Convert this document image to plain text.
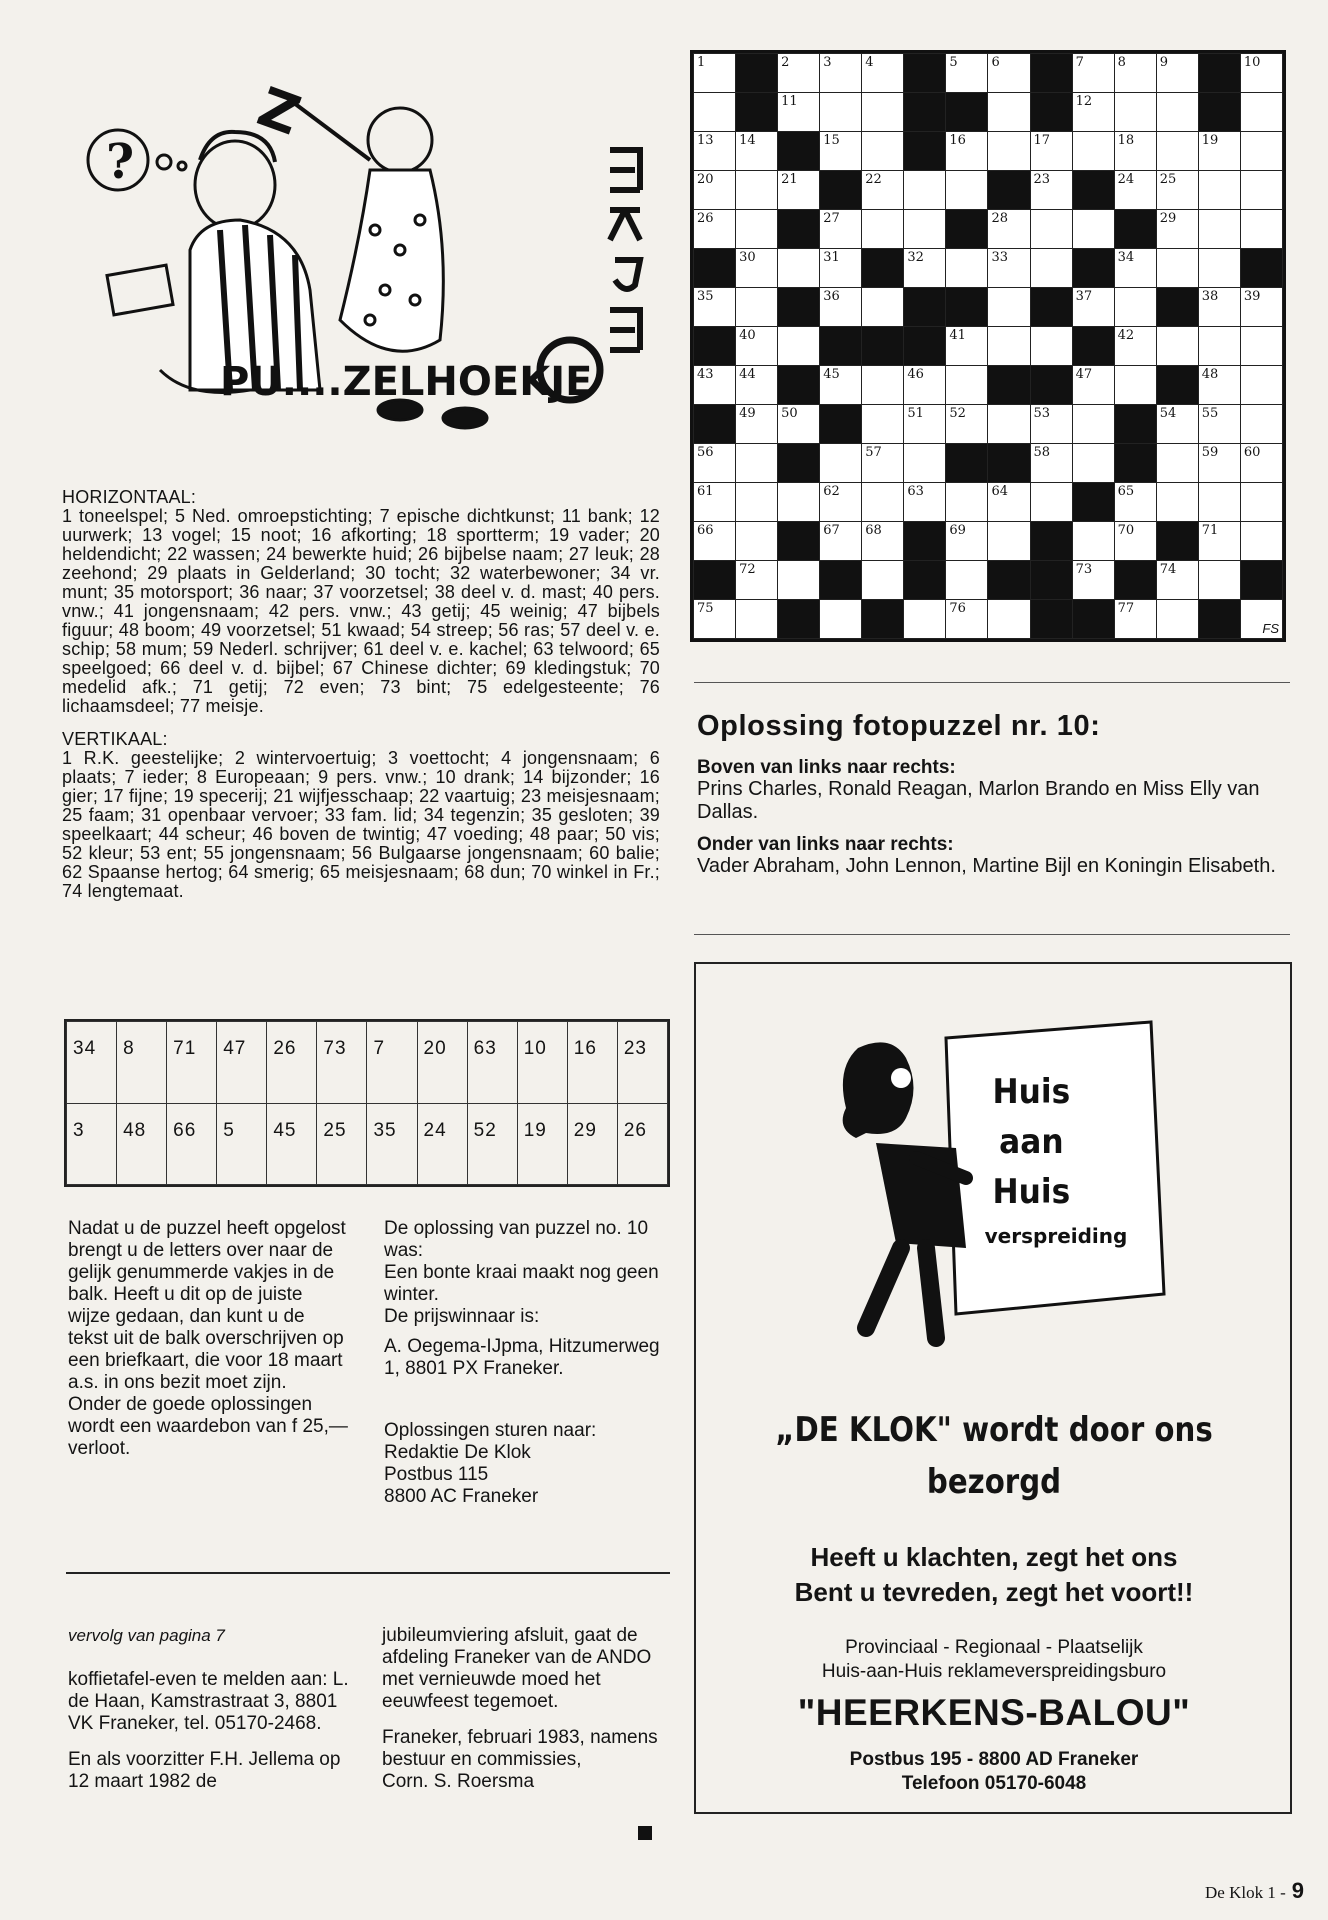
?
Z
PU....ZELHOEKJE

HORIZONTAAL:
1 toneelspel; 5 Ned. omroepstichting; 7 epische dichtkunst; 11 bank; 12 uurwerk; 13 vogel; 15 noot; 16 afkorting; 18 sportterm; 19 vader; 20 heldendicht; 22 wassen; 24 bewerkte huid; 26 bijbelse naam; 27 leuk; 28 zeehond; 29 plaats in Gelderland; 30 tocht; 32 waterbewoner; 34 vr. munt; 35 motorsport; 36 naar; 37 voorzetsel; 38 deel v. d. mast; 40 pers. vnw.; 41 jongensnaam; 42 pers. vnw.; 43 getij; 45 weinig; 47 bijbels figuur; 48 boom; 49 voorzetsel; 51 kwaad; 54 streep; 56 ras; 57 deel v. e. schip; 58 mum; 59 Nederl. schrijver; 61 deel v. e. kachel; 63 telwoord; 65 speelgoed; 66 deel v. d. bijbel; 67 Chinese dichter; 69 kledingstuk; 70 medelid afk.; 71 getij; 72 even; 73 bint; 75 edelgesteente; 76 lichaamsdeel; 77 meisje.

VERTIKAAL:
1 R.K. geestelijke; 2 wintervoertuig; 3 voettocht; 4 jongensnaam; 6 plaats; 7 ieder; 8 Europeaan; 9 pers. vnw.; 10 drank; 14 bijzonder; 16 gier; 17 fijne; 19 specerij; 21 wijfjesschaap; 22 vaartuig; 23 meisjesnaam; 25 faam; 31 openbaar vervoer; 33 fam. lid; 34 tegenzin; 35 gesloten; 39 speelkaart; 44 scheur; 46 boven de twintig; 47 voeding; 48 paar; 50 vis; 52 kleur; 53 ent; 55 jongensnaam; 56 Bulgaarse jongensnaam; 60 balie; 62 Spaanse hertog; 64 smerig; 65 meisjesnaam; 68 dun; 70 winkel in Fr.; 74 lengtemaat.

1		2	3	4		5	6		7	8	9		10

		11							12				

13	14		15			16		17		18		19	

20		21		22				23		24	25		

26			27				28				29		

	30		31		32		33			34			

35			36						37			38	39

	40					41				42			

43	44		45		46				47			48	

	49	50			51	52		53			54	55	

56				57				58				59	60

61			62		63		64			65			

66			67	68		69				70		71	

	72								73		74		

75						76				77			FS
34	8	71	47	26	73	7	20	63	10	16	23
3	48	66	5	45	25	35	24	52	19	29	26

Nadat u de puzzel heeft opgelost brengt u de letters over naar de gelijk genummerde vakjes in de balk. Heeft u dit op de juiste wijze gedaan, dan kunt u de tekst uit de balk overschrijven op een briefkaart, die voor 18 maart a.s. in ons bezit moet zijn.

Onder de goede oplossingen wordt een waardebon van f 25,— verloot.

De oplossing van puzzel no. 10 was:

Een bonte kraai maakt nog geen winter.

De prijswinnaar is:

A. Oegema-IJpma, Hitzumerweg 1, 8801 PX Franeker.

Oplossingen sturen naar:

Redaktie De Klok
Postbus 115
8800 AC Franeker

vervolg van pagina 7

koffietafel-even te melden aan: L. de Haan, Kamstrastraat 3, 8801 VK Franeker, tel. 05170-2468.

En als voorzitter F.H. Jellema op 12 maart 1982 de

jubileumviering afsluit, gaat de afdeling Franeker van de ANDO met vernieuwde moed het eeuwfeest tegemoet.

Franeker, februari 1983, namens bestuur en commissies,

Corn. S. Roersma

Oplossing fotopuzzel nr. 10:
Boven van links naar rechts:
Prins Charles, Ronald Reagan, Marlon Brando en Miss Elly van Dallas.
Onder van links naar rechts:
Vader Abraham, John Lennon, Martine Bijl en Koningin Elisabeth.
Huis
aan
Huis
verspreiding
„DE KLOK" wordt door ons
bezorgd
Heeft u klachten, zegt het ons
Bent u tevreden, zegt het voort!!
Provinciaal - Regionaal - Plaatselijk
Huis-aan-Huis reklameverspreidingsburo
"HEERKENS-BALOU"
Postbus 195 - 8800 AD Franeker
Telefoon 05170-6048
De Klok 1 - 9
